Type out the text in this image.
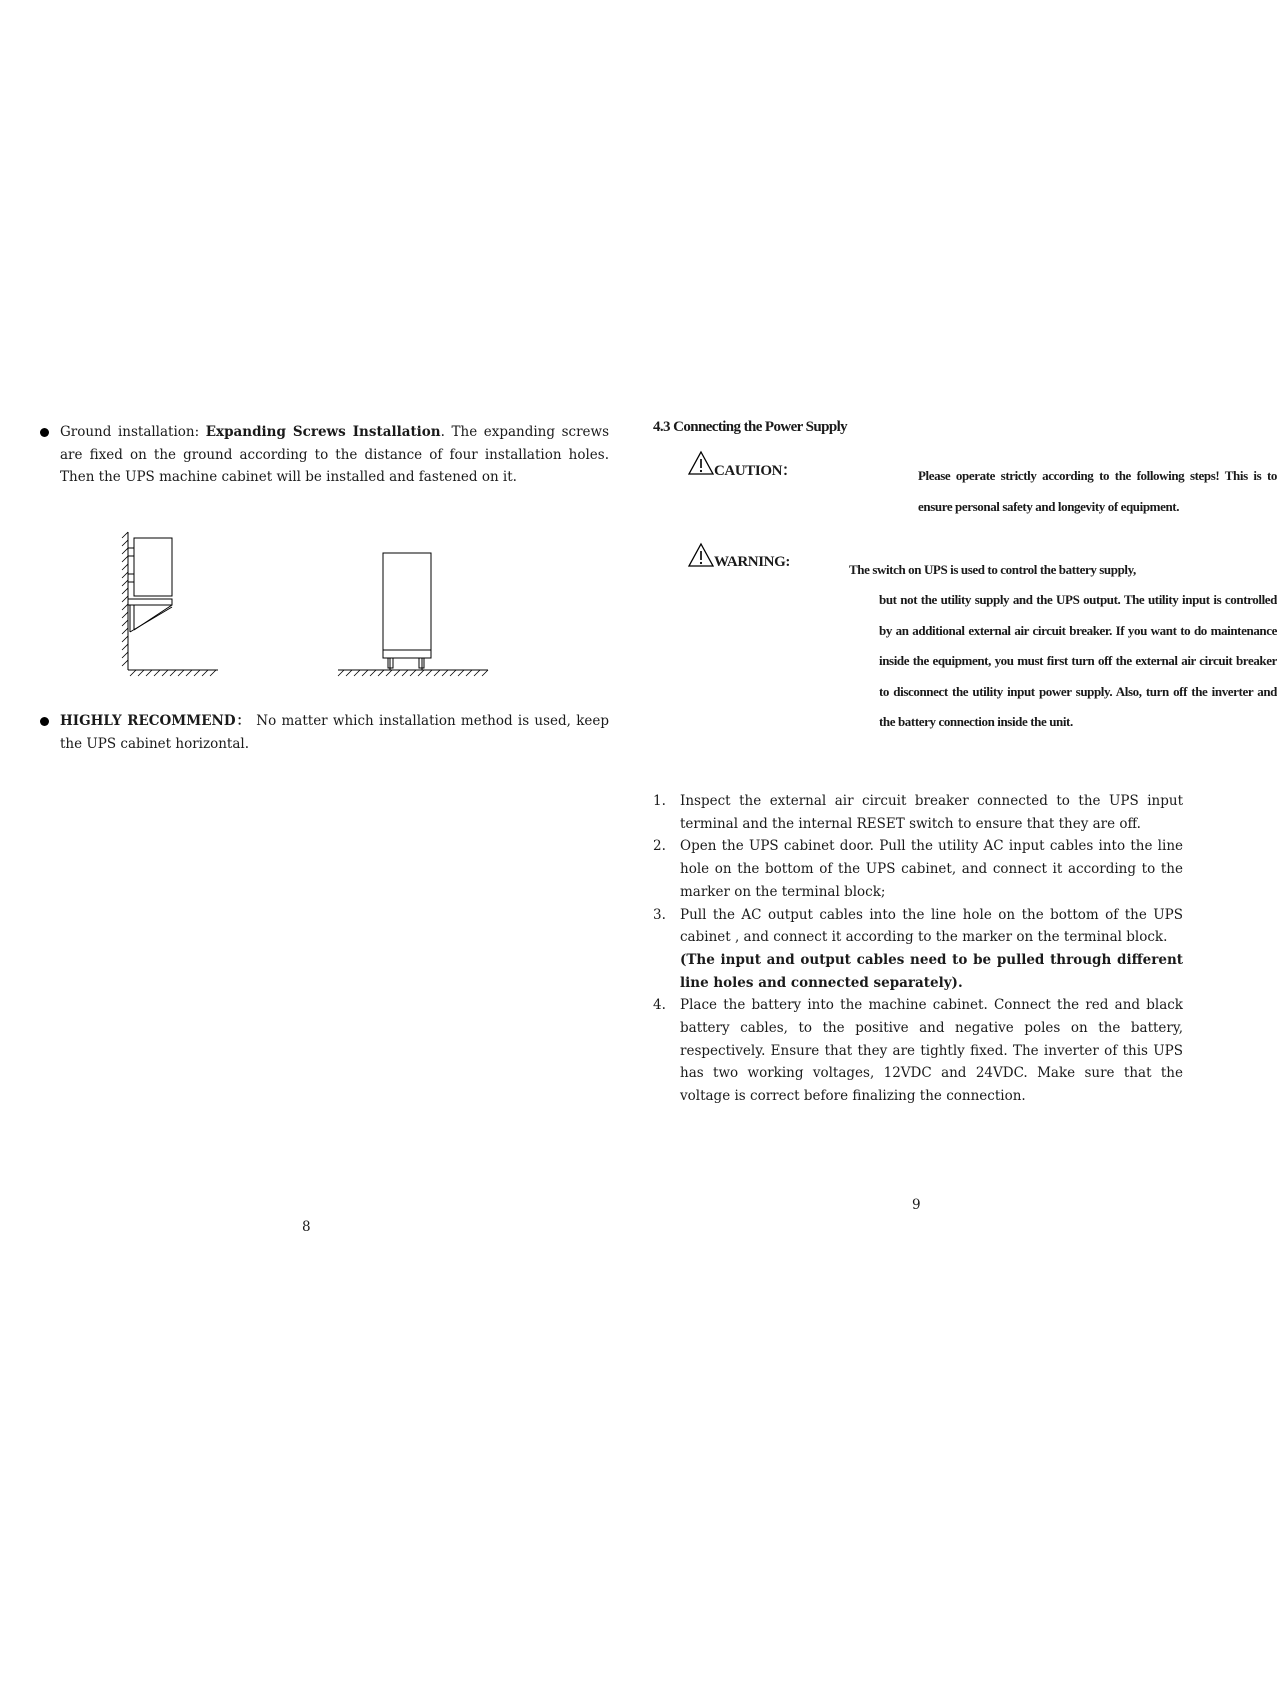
Ground installation: Expanding Screws Installation. The expanding screws are fixed on the ground according to the distance of four installation holes. Then the UPS machine cabinet will be installed and fastened on it.
HIGHLY RECOMMEND： No matter which installation method is used, keep the UPS cabinet horizontal.
8
4.3 Connecting the Power Supply
CAUTION：	Please operate strictly according to the following steps! This is to ensure personal safety and longevity of equipment.
WARNING:	The switch on UPS is used to control the battery supply,
but not the utility supply and the UPS output. The utility input is controlled by an additional external air circuit breaker. If you want to do maintenance inside the equipment, you must first turn off the external air circuit breaker to disconnect the utility input power supply. Also, turn off the inverter and the battery connection inside the unit.
1. Inspect the external air circuit breaker connected to the UPS input terminal and the internal RESET switch to ensure that they are off.
2. Open the UPS cabinet door. Pull the utility AC input cables into the line hole on the bottom of the UPS cabinet, and connect it according to the marker on the terminal block;
3. Pull the AC output cables into the line hole on the bottom of the UPS cabinet , and connect it according to the marker on the terminal block.
(The input and output cables need to be pulled through different line holes and connected separately).
4. Place the battery into the machine cabinet. Connect the red and black battery cables, to the positive and negative poles on the battery, respectively. Ensure that they are tightly fixed. The inverter of this UPS has two working voltages, 12VDC and 24VDC. Make sure that the voltage is correct before finalizing the connection.
9
